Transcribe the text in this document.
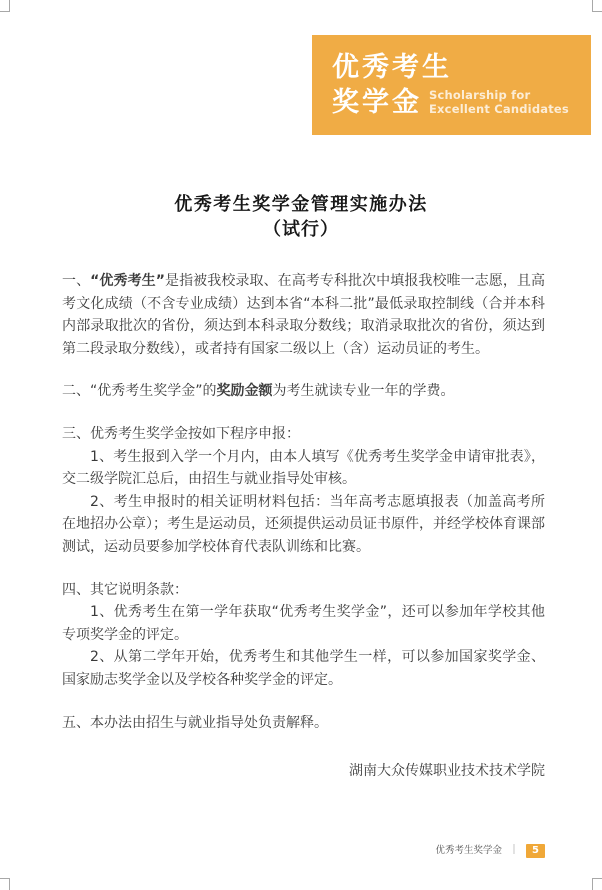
优秀考生
奖学金 Scholarship for
Excellent Candidates
优秀考生奖学金管理实施办法
（试行）
一、“优秀考生”是指被我校录取、在高考专科批次中填报我校唯一志愿，且高考文化成绩（不含专业成绩）达到本省“本科二批”最低录取控制线（合并本科内部录取批次的省份，须达到本科录取分数线；取消录取批次的省份，须达到第二段录取分数线），或者持有国家二级以上（含）运动员证的考生。
二、“优秀考生奖学金”的奖励金额为考生就读专业一年的学费。
三、优秀考生奖学金按如下程序申报：
1、考生报到入学一个月内，由本人填写《优秀考生奖学金申请审批表》，交二级学院汇总后，由招生与就业指导处审核。
2、考生申报时的相关证明材料包括：当年高考志愿填报表（加盖高考所在地招办公章）；考生是运动员，还须提供运动员证书原件，并经学校体育课部测试，运动员要参加学校体育代表队训练和比赛。
四、其它说明条款：
1、优秀考生在第一学年获取“优秀考生奖学金”，还可以参加年学校其他专项奖学金的评定。
2、从第二学年开始，优秀考生和其他学生一样，可以参加国家奖学金、国家励志奖学金以及学校各种奖学金的评定。
五、本办法由招生与就业指导处负责解释。
湖南大众传媒职业技术技术学院
优秀考生奖学金 ｜	5
